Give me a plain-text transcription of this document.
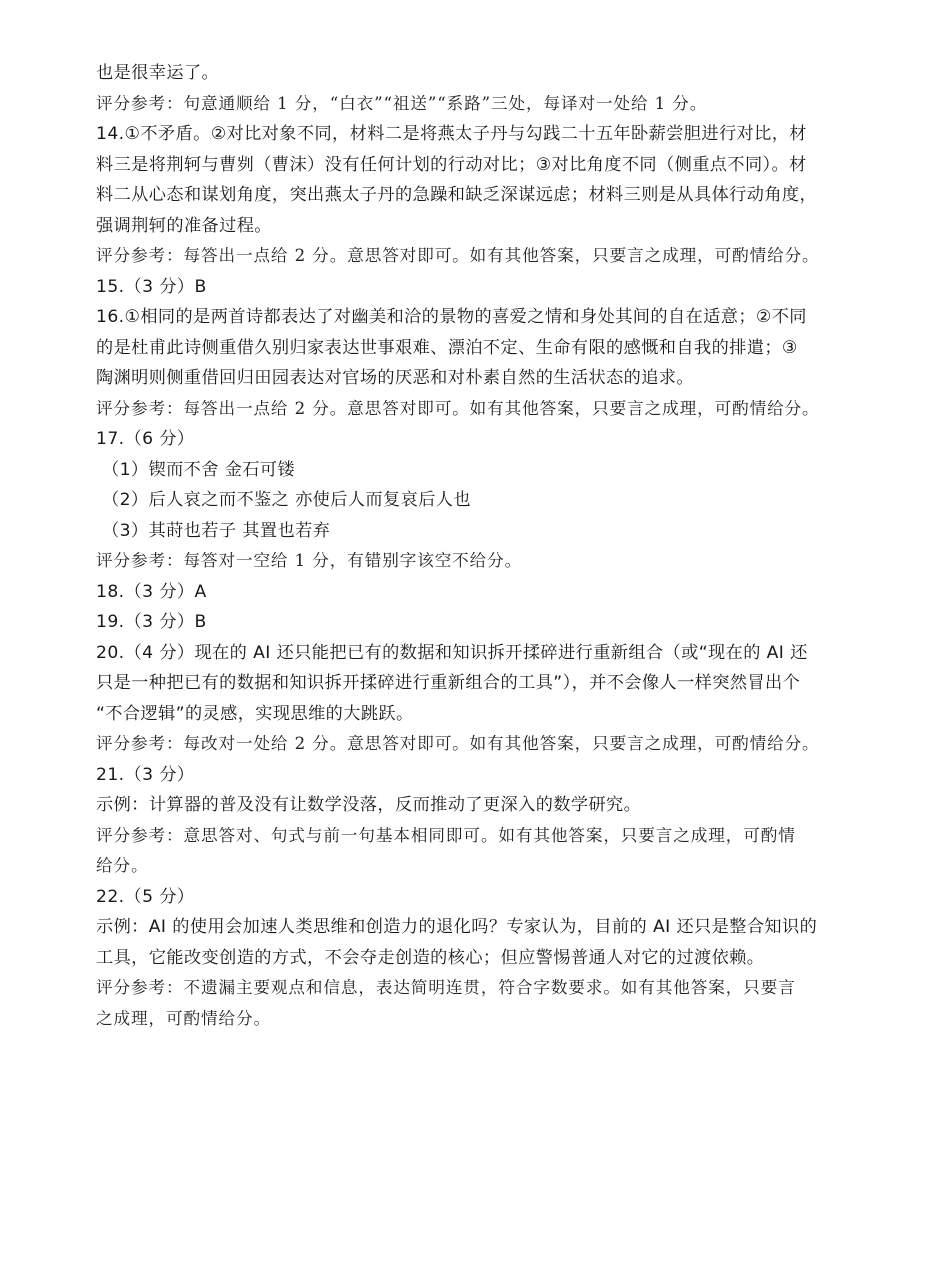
也是很幸运了。
评分参考：句意通顺给 1 分，“白衣”“祖送”“系路”三处，每译对一处给 1 分。
14.①不矛盾。②对比对象不同，材料二是将燕太子丹与勾践二十五年卧薪尝胆进行对比，材
料三是将荆轲与曹刿（曹沫）没有任何计划的行动对比；③对比角度不同（侧重点不同）。材
料二从心态和谋划角度，突出燕太子丹的急躁和缺乏深谋远虑；材料三则是从具体行动角度，
强调荆轲的准备过程。
评分参考：每答出一点给 2 分。意思答对即可。如有其他答案，只要言之成理，可酌情给分。
15.（3 分）B
16.①相同的是两首诗都表达了对幽美和洽的景物的喜爱之情和身处其间的自在适意；②不同
的是杜甫此诗侧重借久别归家表达世事艰难、漂泊不定、生命有限的感慨和自我的排遣；③
陶渊明则侧重借回归田园表达对官场的厌恶和对朴素自然的生活状态的追求。
评分参考：每答出一点给 2 分。意思答对即可。如有其他答案，只要言之成理，可酌情给分。
17.（6 分）
（1）锲而不舍 金石可镂
（2）后人哀之而不鉴之 亦使后人而复哀后人也
（3）其莳也若子 其置也若弃
评分参考：每答对一空给 1 分，有错别字该空不给分。
18.（3 分）A
19.（3 分）B
20.（4 分）现在的 AI 还只能把已有的数据和知识拆开揉碎进行重新组合（或“现在的 AI 还
只是一种把已有的数据和知识拆开揉碎进行重新组合的工具”），并不会像人一样突然冒出个
“不合逻辑”的灵感，实现思维的大跳跃。
评分参考：每改对一处给 2 分。意思答对即可。如有其他答案，只要言之成理，可酌情给分。
21.（3 分）
示例：计算器的普及没有让数学没落，反而推动了更深入的数学研究。
评分参考：意思答对、句式与前一句基本相同即可。如有其他答案，只要言之成理，可酌情
给分。
22.（5 分）
示例：AI 的使用会加速人类思维和创造力的退化吗？专家认为，目前的 AI 还只是整合知识的
工具，它能改变创造的方式，不会夺走创造的核心；但应警惕普通人对它的过渡依赖。
评分参考：不遗漏主要观点和信息，表达简明连贯，符合字数要求。如有其他答案，只要言
之成理，可酌情给分。
